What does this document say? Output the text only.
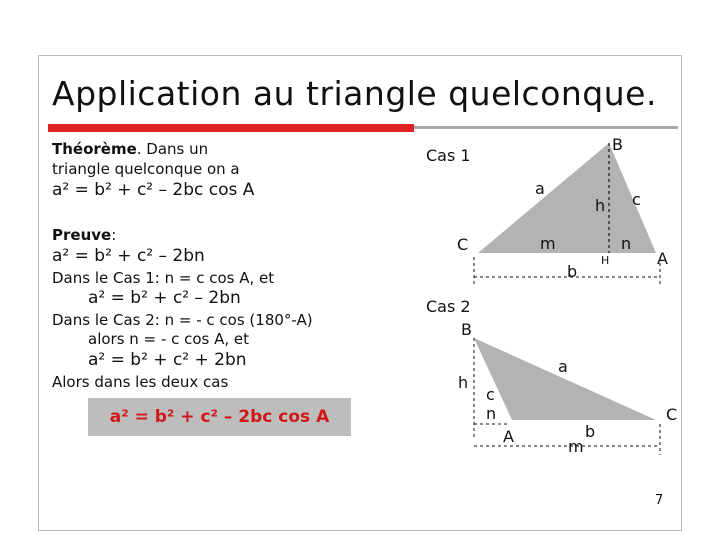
Application au triangle quelconque.
Théorème. Dans un
triangle quelconque on a
a² = b² + c² – 2bc cos A
Preuve:
a² = b² + c² – 2bn
Dans le Cas 1: n = c cos A, et
a² = b² + c² – 2bn
Dans le Cas 2: n = - c cos (180°-A)
alors n = - c cos A, et
a² = b² + c² + 2bn
Alors dans les deux cas
a² = b² + c² – 2bc cos A
7
Cas 1
B
C
A
H
a
c
h
m	n
b
Cas 2
B
A
C
a
c
h
n
b
m
